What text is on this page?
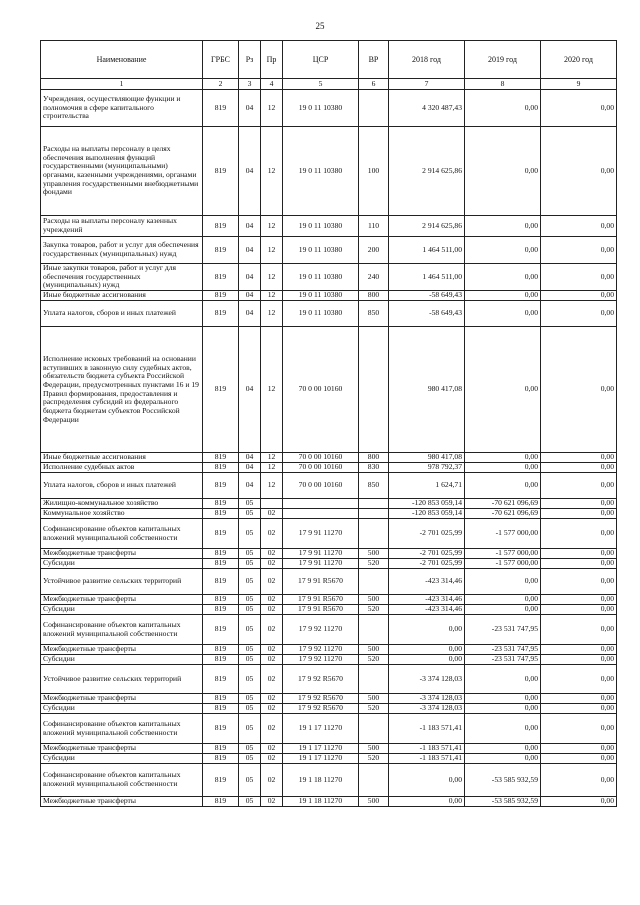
25
Наименование	ГРБС	Рз	Пр	ЦСР	ВР	2018 год	2019 год	2020 год
1	2	3	4	5	6	7	8	9
Учреждения, осуществляющие функции и полномочия в сфере капитального строительства	819	04	12	19 0 11 10380		4 320 487,43	0,00	0,00
Расходы на выплаты персоналу в целях обеспечения выполнения функций государственными (муниципальными) органами, казенными учреждениями, органами управления государственными внебюджетными фондами	819	04	12	19 0 11 10380	100	2 914 625,86	0,00	0,00
Расходы на выплаты персоналу казенных учреждений	819	04	12	19 0 11 10380	110	2 914 625,86	0,00	0,00
Закупка товаров, работ и услуг для обеспечения государственных (муниципальных) нужд	819	04	12	19 0 11 10380	200	1 464 511,00	0,00	0,00
Иные закупки товаров, работ и услуг для обеспечения государственных (муниципальных) нужд	819	04	12	19 0 11 10380	240	1 464 511,00	0,00	0,00
Иные бюджетные ассигнования	819	04	12	19 0 11 10380	800	-58 649,43	0,00	0,00
Уплата налогов, сборов и иных платежей	819	04	12	19 0 11 10380	850	-58 649,43	0,00	0,00
Исполнение исковых требований на основании вступивших в законную силу судебных актов, обязательств бюджета субъекта Российской Федерации, предусмотренных пунктами 16 и 19 Правил формирования, предоставления и распределения субсидий из федерального бюджета бюджетам субъектов Российской Федерации	819	04	12	70 0 00 10160		980 417,08	0,00	0,00
Иные бюджетные ассигнования	819	04	12	70 0 00 10160	800	980 417,08	0,00	0,00
Исполнение судебных актов	819	04	12	70 0 00 10160	830	978 792,37	0,00	0,00
Уплата налогов, сборов и иных платежей	819	04	12	70 0 00 10160	850	1 624,71	0,00	0,00
Жилищно-коммунальное хозяйство	819	05				-120 853 059,14	-70 621 096,69	0,00
Коммунальное хозяйство	819	05	02			-120 853 059,14	-70 621 096,69	0,00
Софинансирование объектов капитальных вложений муниципальной собственности	819	05	02	17 9 91 11270		-2 701 025,99	-1 577 000,00	0,00
Межбюджетные трансферты	819	05	02	17 9 91 11270	500	-2 701 025,99	-1 577 000,00	0,00
Субсидии	819	05	02	17 9 91 11270	520	-2 701 025,99	-1 577 000,00	0,00
Устойчивое развитие сельских территорий	819	05	02	17 9 91 R5670		-423 314,46	0,00	0,00
Межбюджетные трансферты	819	05	02	17 9 91 R5670	500	-423 314,46	0,00	0,00
Субсидии	819	05	02	17 9 91 R5670	520	-423 314,46	0,00	0,00
Софинансирование объектов капитальных вложений муниципальной собственности	819	05	02	17 9 92 11270		0,00	-23 531 747,95	0,00
Межбюджетные трансферты	819	05	02	17 9 92 11270	500	0,00	-23 531 747,95	0,00
Субсидии	819	05	02	17 9 92 11270	520	0,00	-23 531 747,95	0,00
Устойчивое развитие сельских территорий	819	05	02	17 9 92 R5670		-3 374 128,03	0,00	0,00
Межбюджетные трансферты	819	05	02	17 9 92 R5670	500	-3 374 128,03	0,00	0,00
Субсидии	819	05	02	17 9 92 R5670	520	-3 374 128,03	0,00	0,00
Софинансирование объектов капитальных вложений муниципальной собственности	819	05	02	19 1 17 11270		-1 183 571,41	0,00	0,00
Межбюджетные трансферты	819	05	02	19 1 17 11270	500	-1 183 571,41	0,00	0,00
Субсидии	819	05	02	19 1 17 11270	520	-1 183 571,41	0,00	0,00
Софинансирование объектов капитальных вложений муниципальной собственности	819	05	02	19 1 18 11270		0,00	-53 585 932,59	0,00
Межбюджетные трансферты	819	05	02	19 1 18 11270	500	0,00	-53 585 932,59	0,00
